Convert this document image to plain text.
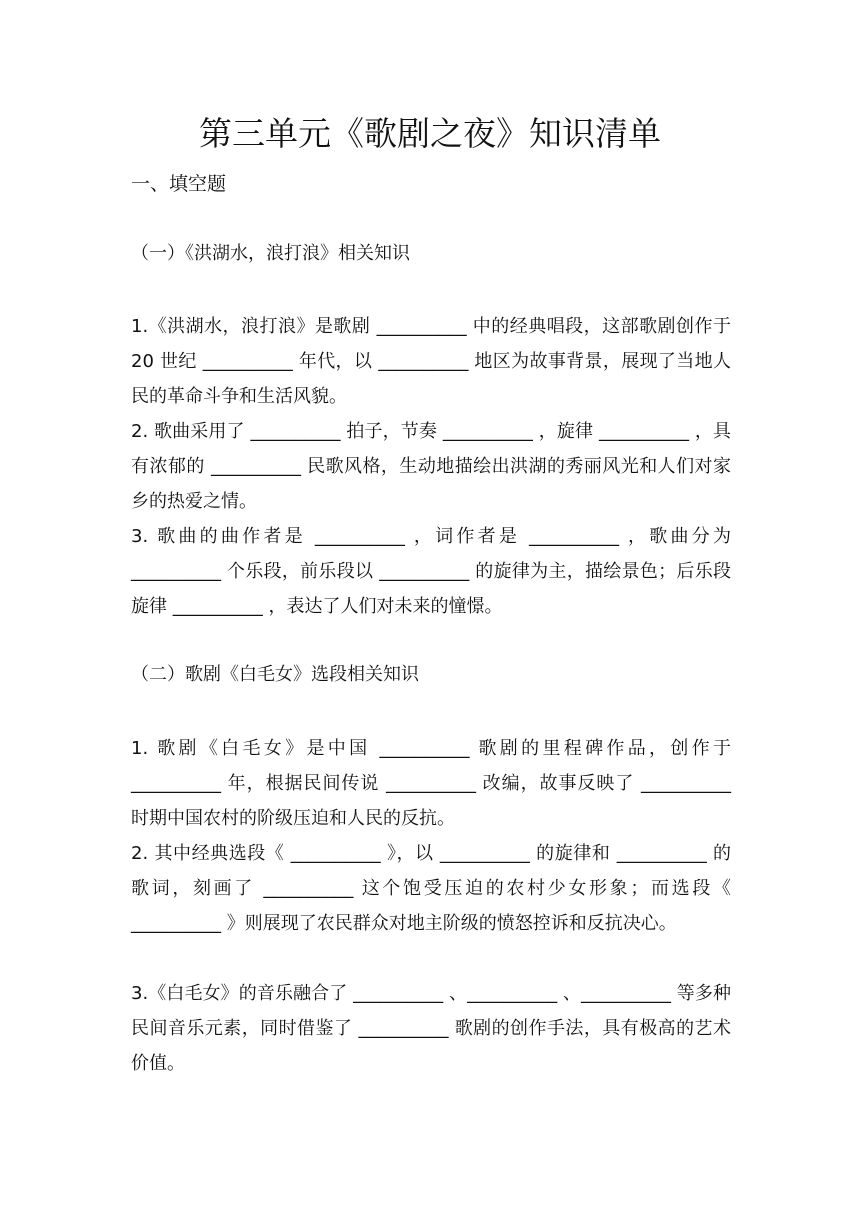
第三单元《歌剧之夜》知识清单
一、填空题
（一）《洪湖水，浪打浪》相关知识

1.《洪湖水，浪打浪》是歌剧 __________ 中的经典唱段，这部歌剧创作于 20 世纪 __________ 年代，以 __________ 地区为故事背景，展现了当地人民的革命斗争和生活风貌。

2. 歌曲采用了 __________ 拍子，节奏 __________ ，旋律 __________ ，具有浓郁的 __________ 民歌风格，生动地描绘出洪湖的秀丽风光和人们对家乡的热爱之情。

3. 歌曲的曲作者是 __________ ，词作者是 __________ ，歌曲分为 __________ 个乐段，前乐段以 __________ 的旋律为主，描绘景色；后乐段旋律 __________ ，表达了人们对未来的憧憬。

（二）歌剧《白毛女》选段相关知识

1. 歌剧《白毛女》是中国 __________ 歌剧的里程碑作品，创作于 __________ 年，根据民间传说 __________ 改编，故事反映了 __________ 时期中国农村的阶级压迫和人民的反抗。

2. 其中经典选段《 __________ 》，以 __________ 的旋律和 __________ 的歌词，刻画了 __________ 这个饱受压迫的农村少女形象；而选段《 __________ 》则展现了农民群众对地主阶级的愤怒控诉和反抗决心。

3.《白毛女》的音乐融合了 __________ 、__________ 、__________ 等多种民间音乐元素，同时借鉴了 __________ 歌剧的创作手法，具有极高的艺术价值。
